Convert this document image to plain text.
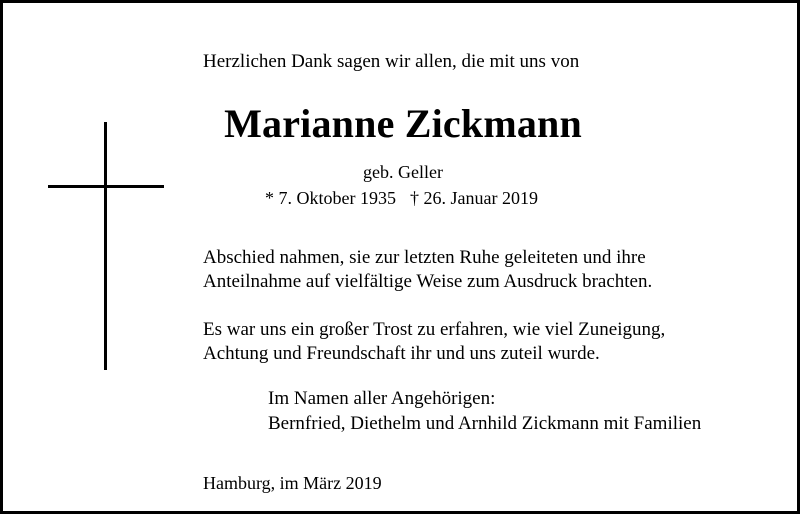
Herzlichen Dank sagen wir allen, die mit uns von
Marianne Zickmann
geb. Geller
* 7. Oktober 1935 † 26. Januar 2019
Abschied nahmen, sie zur letzten Ruhe geleiteten und ihre
Anteilnahme auf vielfältige Weise zum Ausdruck brachten.
Es war uns ein großer Trost zu erfahren, wie viel Zuneigung,
Achtung und Freundschaft ihr und uns zuteil wurde.
Im Namen aller Angehörigen:
Bernfried, Diethelm und Arnhild Zickmann mit Familien
Hamburg, im März 2019
